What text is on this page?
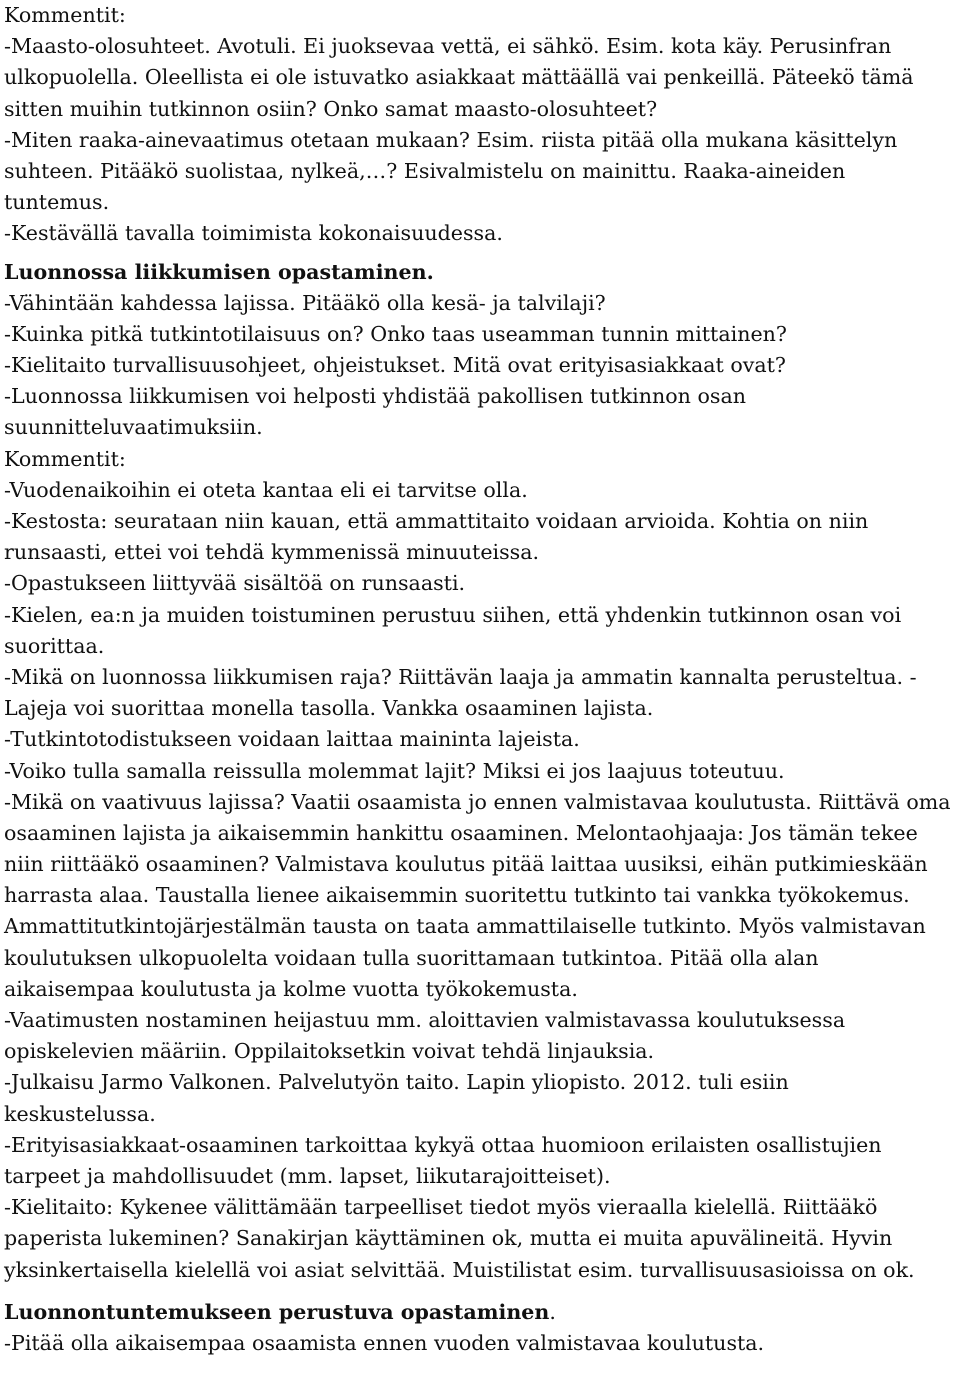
Kommentit:
-Maasto-olosuhteet. Avotuli. Ei juoksevaa vettä, ei sähkö. Esim. kota käy. Perusinfran
ulkopuolella. Oleellista ei ole istuvatko asiakkaat mättäällä vai penkeillä. Päteekö tämä
sitten muihin tutkinnon osiin? Onko samat maasto-olosuhteet?
-Miten raaka-ainevaatimus otetaan mukaan? Esim. riista pitää olla mukana käsittelyn
suhteen. Pitääkö suolistaa, nylkeä,…? Esivalmistelu on mainittu. Raaka-aineiden
tuntemus.
-Kestävällä tavalla toimimista kokonaisuudessa.
Luonnossa liikkumisen opastaminen.
-Vähintään kahdessa lajissa. Pitääkö olla kesä- ja talvilaji?
-Kuinka pitkä tutkintotilaisuus on? Onko taas useamman tunnin mittainen?
-Kielitaito turvallisuusohjeet, ohjeistukset. Mitä ovat erityisasiakkaat ovat?
-Luonnossa liikkumisen voi helposti yhdistää pakollisen tutkinnon osan
suunnitteluvaatimuksiin.
Kommentit:
-Vuodenaikoihin ei oteta kantaa eli ei tarvitse olla.
-Kestosta: seurataan niin kauan, että ammattitaito voidaan arvioida. Kohtia on niin
runsaasti, ettei voi tehdä kymmenissä minuuteissa.
-Opastukseen liittyvää sisältöä on runsaasti.
-Kielen, ea:n ja muiden toistuminen perustuu siihen, että yhdenkin tutkinnon osan voi
suorittaa.
-Mikä on luonnossa liikkumisen raja? Riittävän laaja ja ammatin kannalta perusteltua. -
Lajeja voi suorittaa monella tasolla. Vankka osaaminen lajista.
-Tutkintotodistukseen voidaan laittaa maininta lajeista.
-Voiko tulla samalla reissulla molemmat lajit? Miksi ei jos laajuus toteutuu.
-Mikä on vaativuus lajissa? Vaatii osaamista jo ennen valmistavaa koulutusta. Riittävä oma
osaaminen lajista ja aikaisemmin hankittu osaaminen. Melontaohjaaja: Jos tämän tekee
niin riittääkö osaaminen? Valmistava koulutus pitää laittaa uusiksi, eihän putkimieskään
harrasta alaa. Taustalla lienee aikaisemmin suoritettu tutkinto tai vankka työkokemus.
Ammattitutkintojärjestälmän tausta on taata ammattilaiselle tutkinto. Myös valmistavan
koulutuksen ulkopuolelta voidaan tulla suorittamaan tutkintoa. Pitää olla alan
aikaisempaa koulutusta ja kolme vuotta työkokemusta.
-Vaatimusten nostaminen heijastuu mm. aloittavien valmistavassa koulutuksessa
opiskelevien määriin. Oppilaitoksetkin voivat tehdä linjauksia.
-Julkaisu Jarmo Valkonen. Palvelutyön taito. Lapin yliopisto. 2012. tuli esiin
keskustelussa.
-Erityisasiakkaat-osaaminen tarkoittaa kykyä ottaa huomioon erilaisten osallistujien
tarpeet ja mahdollisuudet (mm. lapset, liikutarajoitteiset).
-Kielitaito: Kykenee välittämään tarpeelliset tiedot myös vieraalla kielellä. Riittääkö
paperista lukeminen? Sanakirjan käyttäminen ok, mutta ei muita apuvälineitä. Hyvin
yksinkertaisella kielellä voi asiat selvittää. Muistilistat esim. turvallisuusasioissa on ok.
Luonnontuntemukseen perustuva opastaminen.
-Pitää olla aikaisempaa osaamista ennen vuoden valmistavaa koulutusta.
